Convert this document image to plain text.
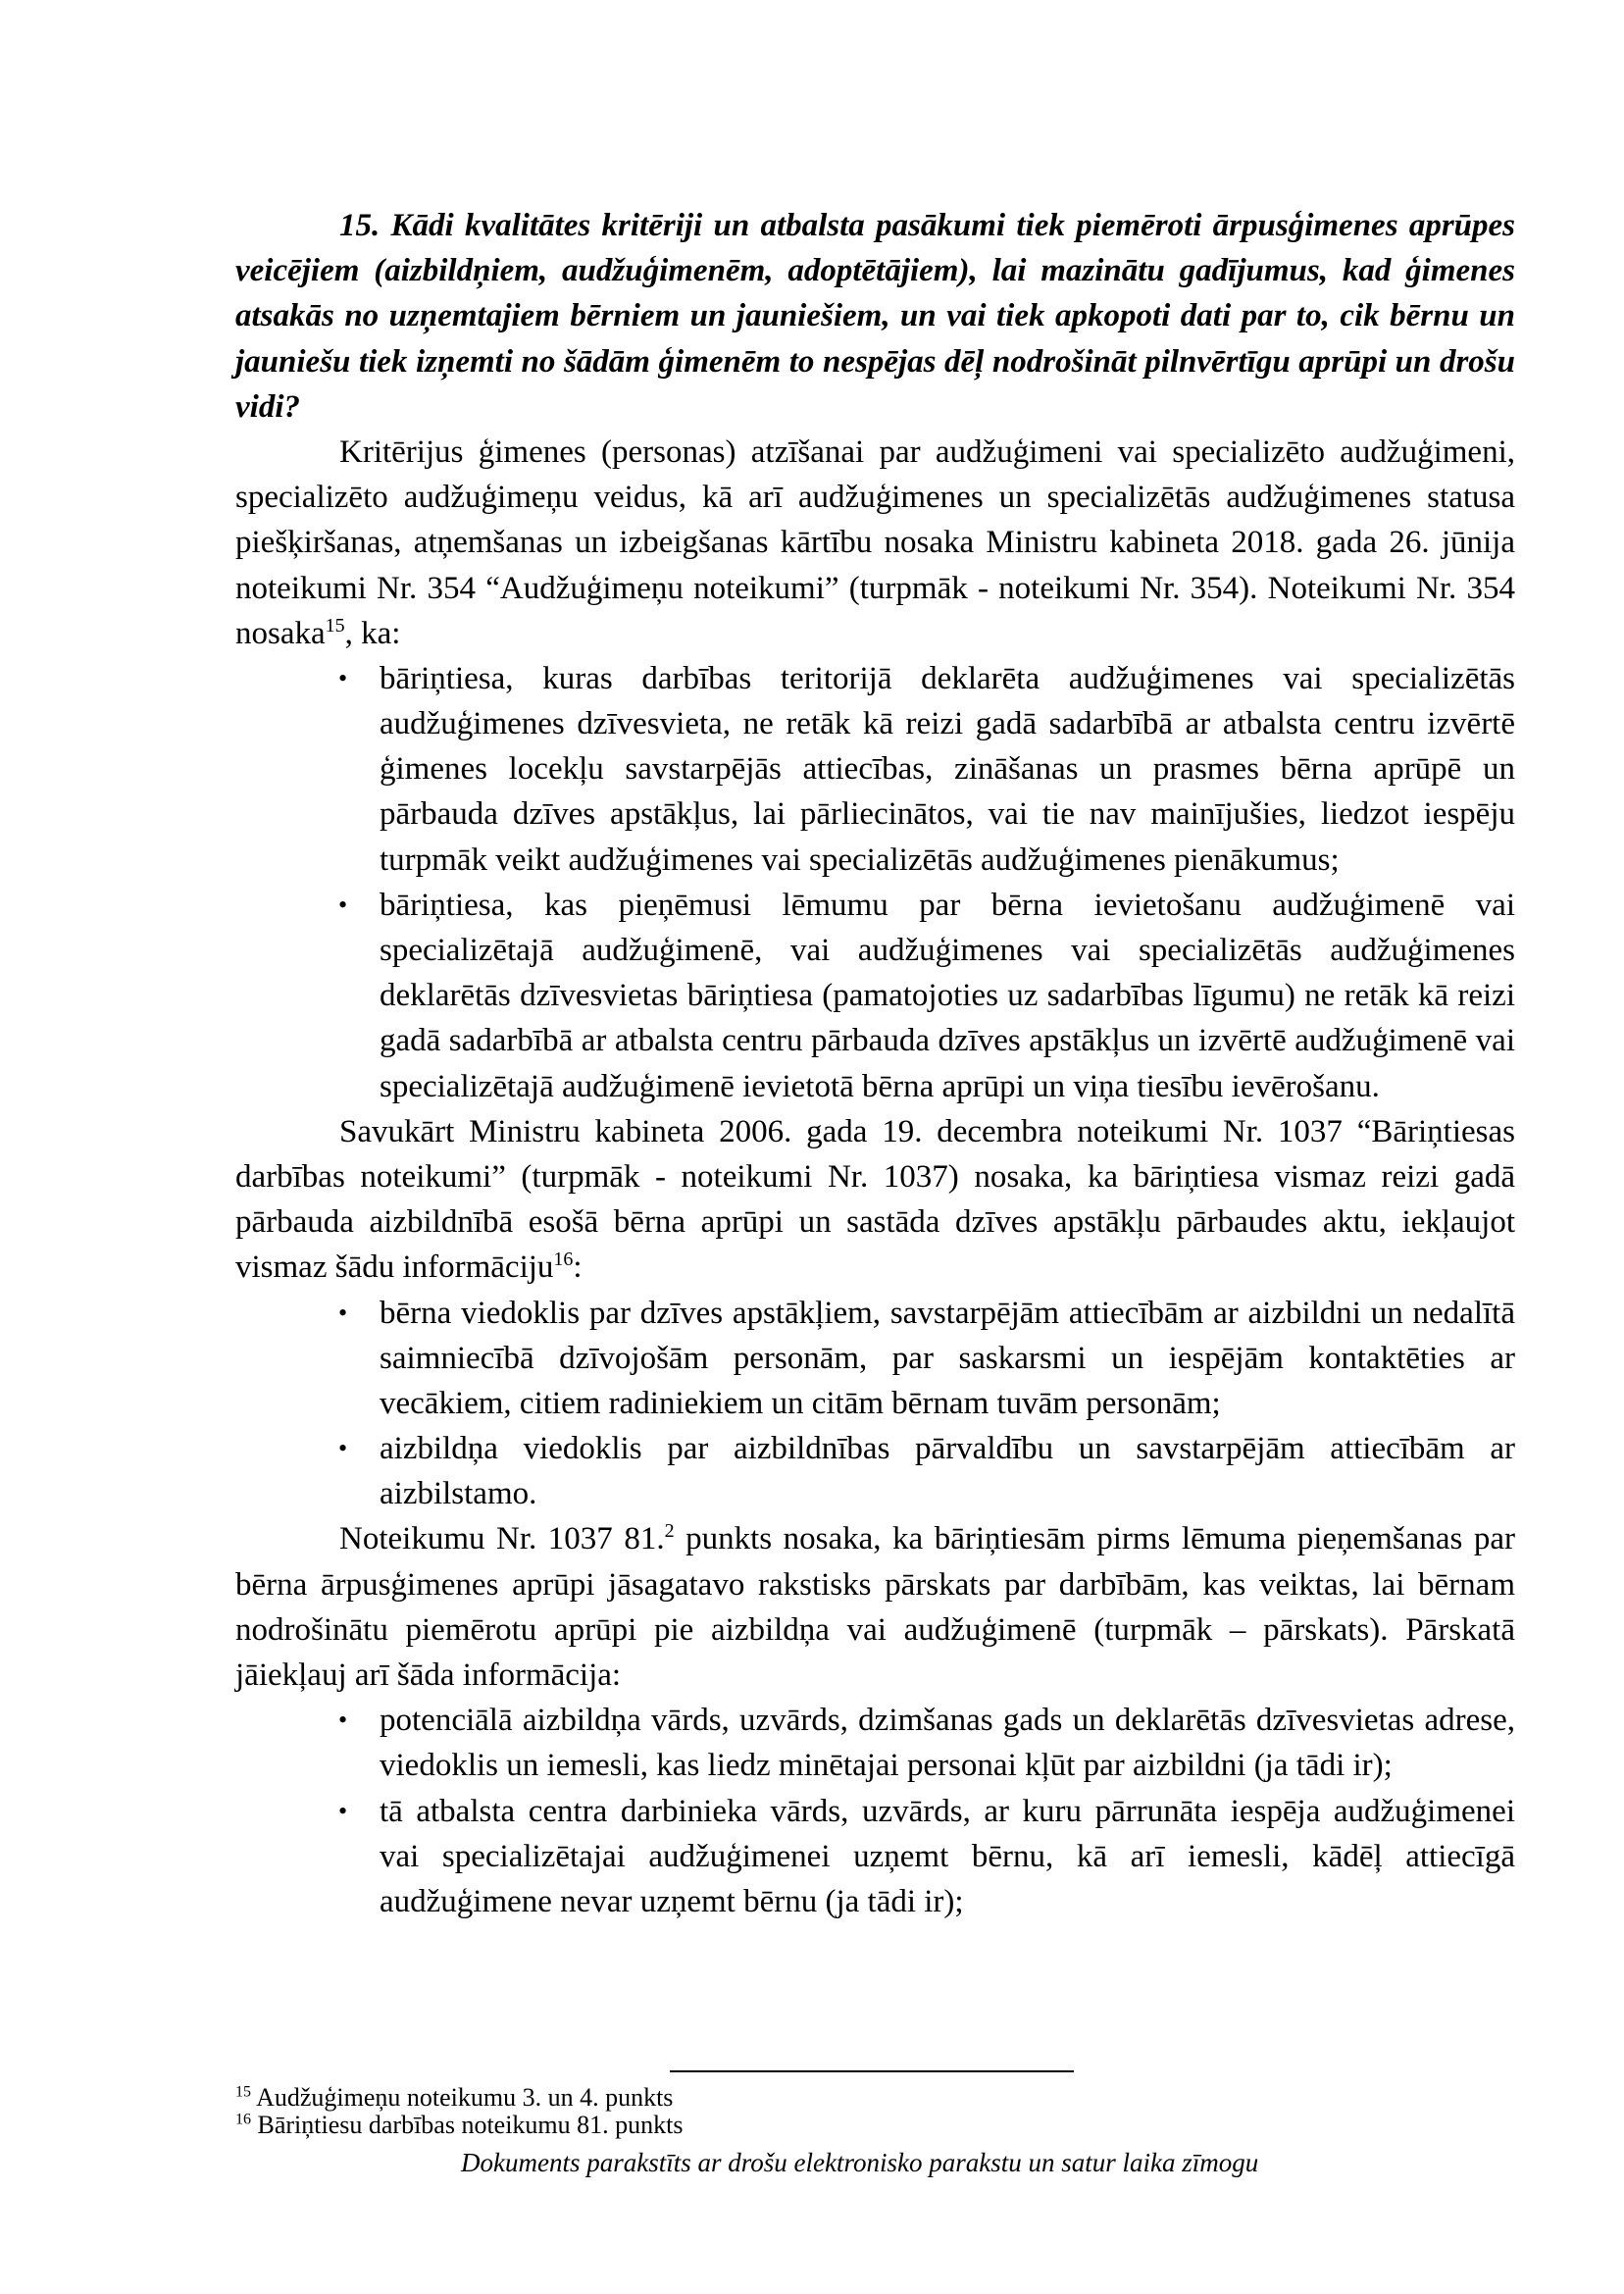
15. Kādi kvalitātes kritēriji un atbalsta pasākumi tiek piemēroti ārpusģimenes aprūpes
veicējiem (aizbildņiem, audžuģimenēm, adoptētājiem), lai mazinātu gadījumus, kad ģimenes
atsakās no uzņemtajiem bērniem un jauniešiem, un vai tiek apkopoti dati par to, cik bērnu un
jauniešu tiek izņemti no šādām ģimenēm to nespējas dēļ nodrošināt pilnvērtīgu aprūpi un drošu
vidi?
Kritērijus ģimenes (personas) atzīšanai par audžuģimeni vai specializēto audžuģimeni,
specializēto audžuģimeņu veidus, kā arī audžuģimenes un specializētās audžuģimenes statusa
piešķiršanas, atņemšanas un izbeigšanas kārtību nosaka Ministru kabineta 2018. gada 26. jūnija
noteikumi Nr. 354 “Audžuģimeņu noteikumi” (turpmāk - noteikumi Nr. 354). Noteikumi Nr. 354
nosaka$^{15}$, ka:
• bāriņtiesa, kuras darbības teritorijā deklarēta audžuģimenes vai specializētās
audžuģimenes dzīvesvieta, ne retāk kā reizi gadā sadarbībā ar atbalsta centru izvērtē
ģimenes locekļu savstarpējās attiecības, zināšanas un prasmes bērna aprūpē un
pārbauda dzīves apstākļus, lai pārliecinātos, vai tie nav mainījušies, liedzot iespēju
turpmāk veikt audžuģimenes vai specializētās audžuģimenes pienākumus;
• bāriņtiesa, kas pieņēmusi lēmumu par bērna ievietošanu audžuģimenē vai
specializētajā audžuģimenē, vai audžuģimenes vai specializētās audžuģimenes
deklarētās dzīvesvietas bāriņtiesa (pamatojoties uz sadarbības līgumu) ne retāk kā reizi
gadā sadarbībā ar atbalsta centru pārbauda dzīves apstākļus un izvērtē audžuģimenē vai
specializētajā audžuģimenē ievietotā bērna aprūpi un viņa tiesību ievērošanu.
Savukārt Ministru kabineta 2006. gada 19. decembra noteikumi Nr. 1037 “Bāriņtiesas
darbības noteikumi” (turpmāk - noteikumi Nr. 1037) nosaka, ka bāriņtiesa vismaz reizi gadā
pārbauda aizbildnībā esošā bērna aprūpi un sastāda dzīves apstākļu pārbaudes aktu, iekļaujot
vismaz šādu informāciju$^{16}$:
• bērna viedoklis par dzīves apstākļiem, savstarpējām attiecībām ar aizbildni un nedalītā
saimniecībā dzīvojošām personām, par saskarsmi un iespējām kontaktēties ar
vecākiem, citiem radiniekiem un citām bērnam tuvām personām;
• aizbildņa viedoklis par aizbildnības pārvaldību un savstarpējām attiecībām ar
aizbilstamo.
Noteikumu Nr. 1037 81.$^2$ punkts nosaka, ka bāriņtiesām pirms lēmuma pieņemšanas par
bērna ārpusģimenes aprūpi jāsagatavo rakstisks pārskats par darbībām, kas veiktas, lai bērnam
nodrošinātu piemērotu aprūpi pie aizbildņa vai audžuģimenē (turpmāk – pārskats). Pārskatā
jāiekļauj arī šāda informācija:
• potenciālā aizbildņa vārds, uzvārds, dzimšanas gads un deklarētās dzīvesvietas adrese,
viedoklis un iemesli, kas liedz minētajai personai kļūt par aizbildni (ja tādi ir);
• tā atbalsta centra darbinieka vārds, uzvārds, ar kuru pārrunāta iespēja audžuģimenei
vai specializētajai audžuģimenei uzņemt bērnu, kā arī iemesli, kādēļ attiecīgā
audžuģimene nevar uzņemt bērnu (ja tādi ir);
$^{15}$ Audžuģimeņu noteikumu 3. un 4. punkts
$^{16}$ Bāriņtiesu darbības noteikumu 81. punkts
Dokuments parakstīts ar drošu elektronisko parakstu un satur laika zīmogu
